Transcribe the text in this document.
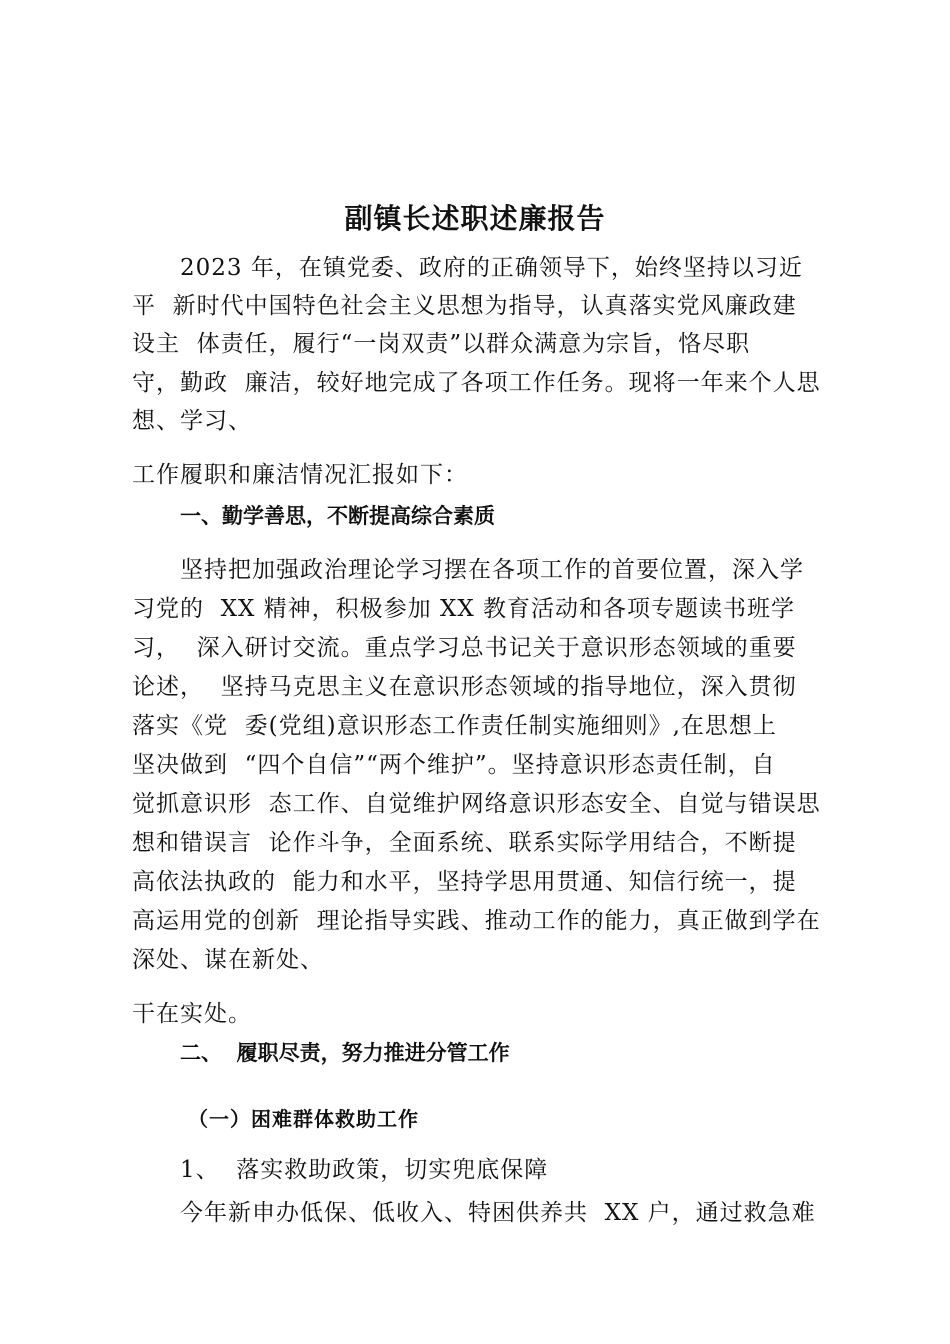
副镇长述职述廉报告
2023 年，在镇党委、政府的正确领导下，始终坚持以习近
平  新时代中国特色社会主义思想为指导，认真落实党风廉政建
设主  体责任，履行“一岗双责”以群众满意为宗旨，恪尽职
守，勤政  廉洁，较好地完成了各项工作任务。现将一年来个人思
想、学习、
工作履职和廉洁情况汇报如下：
一、勤学善思，不断提高综合素质
坚持把加强政治理论学习摆在各项工作的首要位置，深入学
习党的  XX 精神，积极参加 XX 教育活动和各项专题读书班学
习，  深入研讨交流。重点学习总书记关于意识形态领域的重要
论述，  坚持马克思主义在意识形态领域的指导地位，深入贯彻
落实《党  委(党组)意识形态工作责任制实施细则》,在思想上
坚决做到  “四个自信”“两个维护”。坚持意识形态责任制，自
觉抓意识形  态工作、自觉维护网络意识形态安全、自觉与错误思
想和错误言  论作斗争，全面系统、联系实际学用结合，不断提
高依法执政的  能力和水平，坚持学思用贯通、知信行统一，提
高运用党的创新  理论指导实践、推动工作的能力，真正做到学在
深处、谋在新处、
干在实处。
二、  履职尽责，努力推进分管工作
（一）困难群体救助工作
1、  落实救助政策，切实兜底保障
今年新申办低保、低收入、特困供养共  XX 户，通过救急难
